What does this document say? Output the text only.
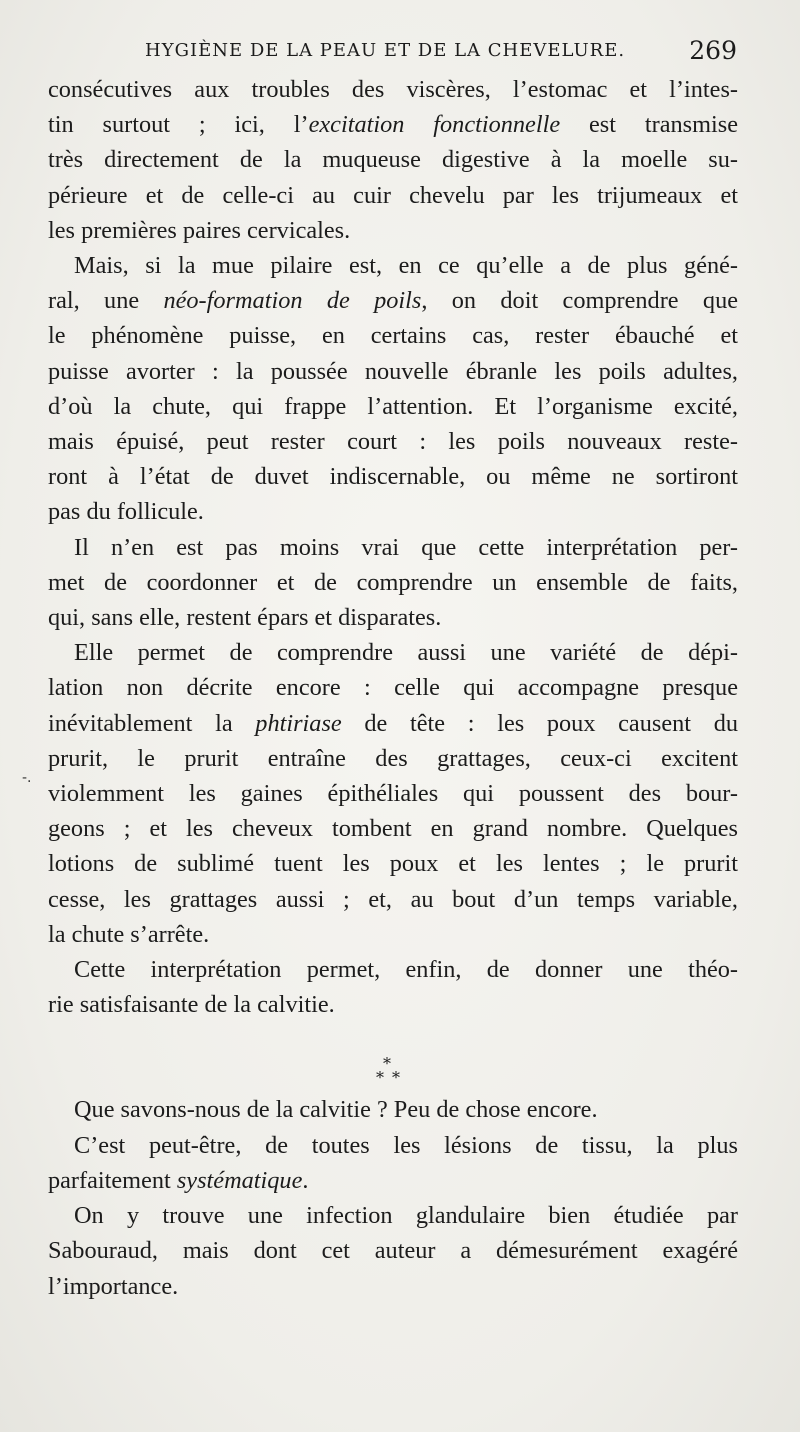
HYGIÈNE DE LA PEAU ET DE LA CHEVELURE.	269
-.
consécutives aux troubles des viscères, l’estomac et l’intes-
tin surtout ; ici, l’excitation fonctionnelle est transmise
très directement de la muqueuse digestive à la moelle su-
périeure et de celle-ci au cuir chevelu par les trijumeaux et
les premières paires cervicales.
Mais, si la mue pilaire est, en ce qu’elle a de plus géné-
ral, une néo-formation de poils, on doit comprendre que
le phénomène puisse, en certains cas, rester ébauché et
puisse avorter : la poussée nouvelle ébranle les poils adultes,
d’où la chute, qui frappe l’attention. Et l’organisme excité,
mais épuisé, peut rester court : les poils nouveaux reste-
ront à l’état de duvet indiscernable, ou même ne sortiront
pas du follicule.
Il n’en est pas moins vrai que cette interprétation per-
met de coordonner et de comprendre un ensemble de faits,
qui, sans elle, restent épars et disparates.
Elle permet de comprendre aussi une variété de dépi-
lation non décrite encore : celle qui accompagne presque
inévitablement la phtiriase de tête : les poux causent du
prurit, le prurit entraîne des grattages, ceux-ci excitent
violemment les gaines épithéliales qui poussent des bour-
geons ; et les cheveux tombent en grand nombre. Quelques
lotions de sublimé tuent les poux et les lentes ; le prurit
cesse, les grattages aussi ; et, au bout d’un temps variable,
la chute s’arrête.
Cette interprétation permet, enfin, de donner une théo-
rie satisfaisante de la calvitie.
*
* *
Que savons-nous de la calvitie ? Peu de chose encore.
C’est peut-être, de toutes les lésions de tissu, la plus
parfaitement systématique.
On y trouve une infection glandulaire bien étudiée par
Sabouraud, mais dont cet auteur a démesurément exagéré
l’importance.
